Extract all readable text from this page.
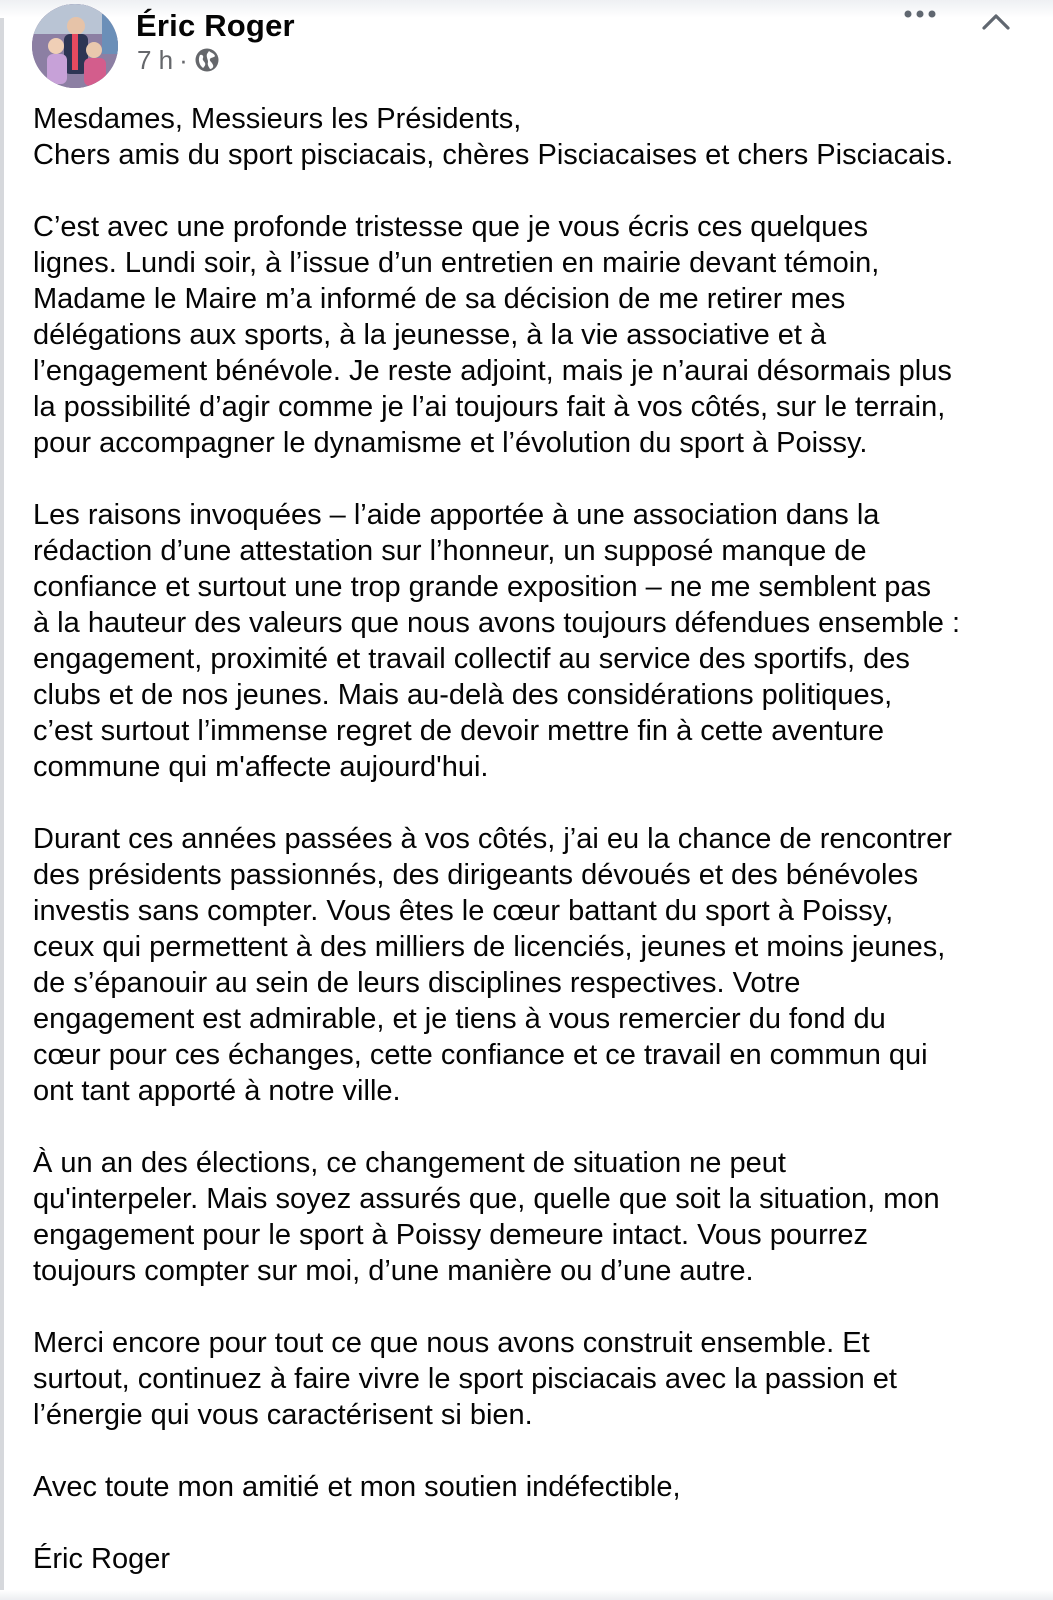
Éric Roger
7 h ·
Mesdames, Messieurs les Présidents,
Chers amis du sport pisciacais, chères Pisciacaises et chers Pisciacais.
C’est avec une profonde tristesse que je vous écris ces quelques
lignes. Lundi soir, à l’issue d’un entretien en mairie devant témoin,
Madame le Maire m’a informé de sa décision de me retirer mes
délégations aux sports, à la jeunesse, à la vie associative et à
l’engagement bénévole. Je reste adjoint, mais je n’aurai désormais plus
la possibilité d’agir comme je l’ai toujours fait à vos côtés, sur le terrain,
pour accompagner le dynamisme et l’évolution du sport à Poissy.
Les raisons invoquées – l’aide apportée à une association dans la
rédaction d’une attestation sur l’honneur, un supposé manque de
confiance et surtout une trop grande exposition – ne me semblent pas
à la hauteur des valeurs que nous avons toujours défendues ensemble :
engagement, proximité et travail collectif au service des sportifs, des
clubs et de nos jeunes. Mais au-delà des considérations politiques,
c’est surtout l’immense regret de devoir mettre fin à cette aventure
commune qui m'affecte aujourd'hui.
Durant ces années passées à vos côtés, j’ai eu la chance de rencontrer
des présidents passionnés, des dirigeants dévoués et des bénévoles
investis sans compter. Vous êtes le cœur battant du sport à Poissy,
ceux qui permettent à des milliers de licenciés, jeunes et moins jeunes,
de s’épanouir au sein de leurs disciplines respectives. Votre
engagement est admirable, et je tiens à vous remercier du fond du
cœur pour ces échanges, cette confiance et ce travail en commun qui
ont tant apporté à notre ville.
À un an des élections, ce changement de situation ne peut
qu'interpeler. Mais soyez assurés que, quelle que soit la situation, mon
engagement pour le sport à Poissy demeure intact. Vous pourrez
toujours compter sur moi, d’une manière ou d’une autre.
Merci encore pour tout ce que nous avons construit ensemble. Et
surtout, continuez à faire vivre le sport pisciacais avec la passion et
l’énergie qui vous caractérisent si bien.
Avec toute mon amitié et mon soutien indéfectible,
Éric Roger
